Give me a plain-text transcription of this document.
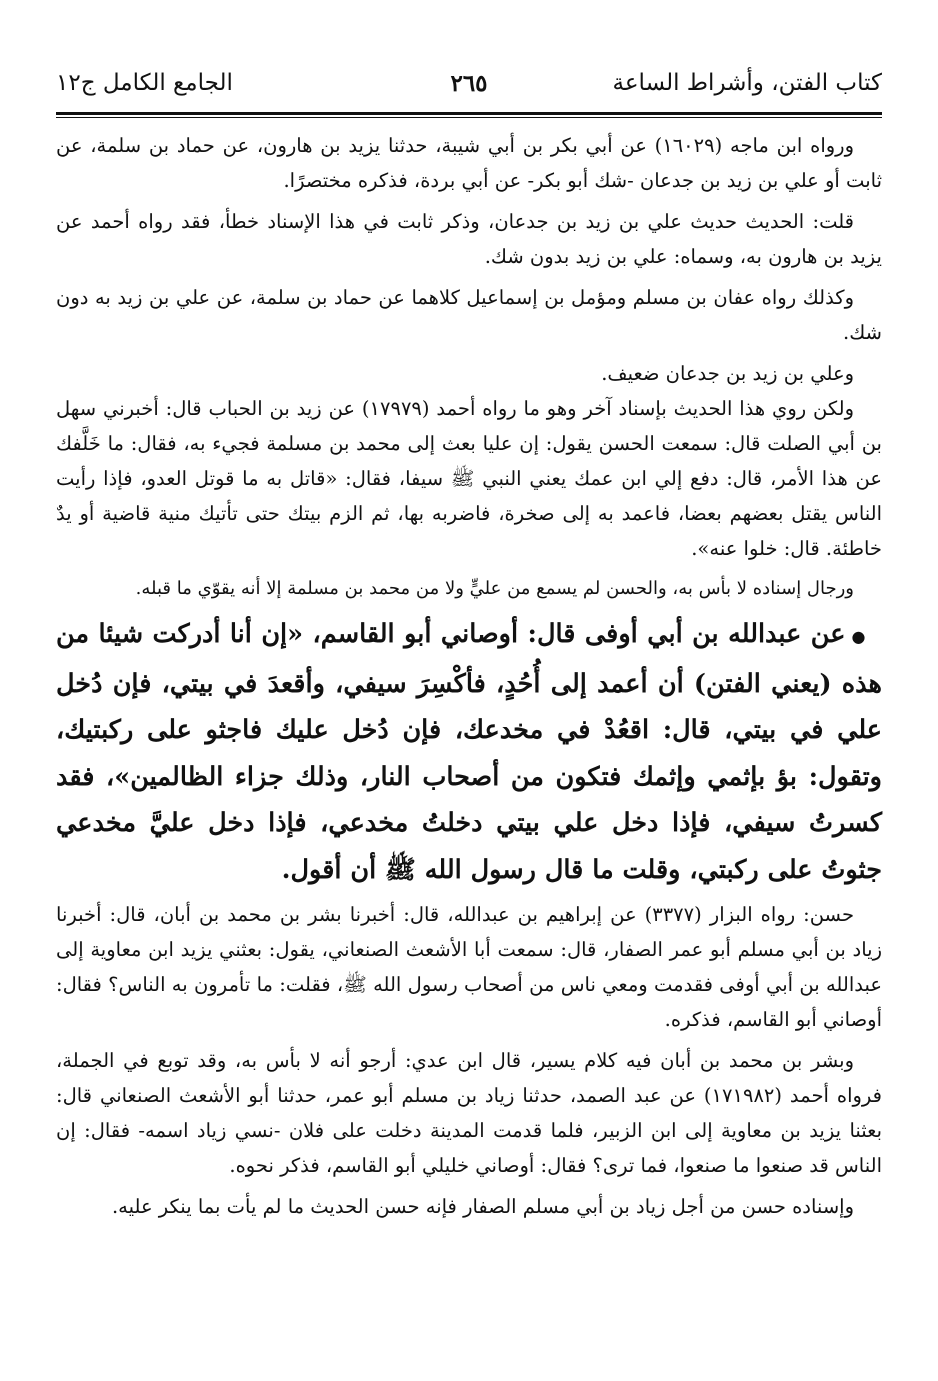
كتاب الفتن، وأشراط الساعة
٢٦٥
الجامع الكامل ج١٢

ورواه ابن ماجه (١٦٠٢٩) عن أبي بكر بن أبي شيبة، حدثنا يزيد بن هارون، عن حماد بن سلمة، عن ثابت أو علي بن زيد بن جدعان -شك أبو بكر- عن أبي بردة، فذكره مختصرًا.

قلت: الحديث حديث علي بن زيد بن جدعان، وذكر ثابت في هذا الإسناد خطأ، فقد رواه أحمد عن يزيد بن هارون به، وسماه: علي بن زيد بدون شك.

وكذلك رواه عفان بن مسلم ومؤمل بن إسماعيل كلاهما عن حماد بن سلمة، عن علي بن زيد به دون شك.

وعلي بن زيد بن جدعان ضعيف.

ولكن روي هذا الحديث بإسناد آخر وهو ما رواه أحمد (١٧٩٧٩) عن زيد بن الحباب قال: أخبرني سهل بن أبي الصلت قال: سمعت الحسن يقول: إن عليا بعث إلى محمد بن مسلمة فجيء به، فقال: ما خَلَّفك عن هذا الأمر، قال: دفع إلي ابن عمك يعني النبي ﷺ سيفا، فقال: «قاتل به ما قوتل العدو، فإذا رأيت الناس يقتل بعضهم بعضا، فاعمد به إلى صخرة، فاضربه بها، ثم الزم بيتك حتى تأتيك منية قاضية أو يدٌ خاطئة. قال: خلوا عنه».

ورجال إسناده لا بأس به، والحسن لم يسمع من عليٍّ ولا من محمد بن مسلمة إلا أنه يقوّي ما قبله.

●عن عبدالله بن أبي أوفى قال: أوصاني أبو القاسم، «إن أنا أدركت شيئا من هذه (يعني الفتن) أن أعمد إلى أُحُدٍ، فأكْسِرَ سيفي، وأقعدَ في بيتي، فإن دُخل علي في بيتي، قال: اقعُدْ في مخدعك، فإن دُخل عليك فاجثو على ركبتيك، وتقول: بؤ بإثمي وإثمك فتكون من أصحاب النار، وذلك جزاء الظالمين»، فقد كسرتُ سيفي، فإذا دخل علي بيتي دخلتُ مخدعي، فإذا دخل عليَّ مخدعي جثوتُ على ركبتي، وقلت ما قال رسول الله ﷺ أن أقول.

حسن: رواه البزار (٣٣٧٧) عن إبراهيم بن عبدالله، قال: أخبرنا بشر بن محمد بن أبان، قال: أخبرنا زياد بن أبي مسلم أبو عمر الصفار، قال: سمعت أبا الأشعث الصنعاني، يقول: بعثني يزيد ابن معاوية إلى عبدالله بن أبي أوفى فقدمت ومعي ناس من أصحاب رسول الله ﷺ، فقلت: ما تأمرون به الناس؟ فقال: أوصاني أبو القاسم، فذكره.

وبشر بن محمد بن أبان فيه كلام يسير، قال ابن عدي: أرجو أنه لا بأس به، وقد توبع في الجملة، فرواه أحمد (١٧١٩٨٢) عن عبد الصمد، حدثنا زياد بن مسلم أبو عمر، حدثنا أبو الأشعث الصنعاني قال: بعثنا يزيد بن معاوية إلى ابن الزبير، فلما قدمت المدينة دخلت على فلان -نسي زياد اسمه- فقال: إن الناس قد صنعوا ما صنعوا، فما ترى؟ فقال: أوصاني خليلي أبو القاسم، فذكر نحوه.

وإسناده حسن من أجل زياد بن أبي مسلم الصفار فإنه حسن الحديث ما لم يأت بما ينكر عليه.
